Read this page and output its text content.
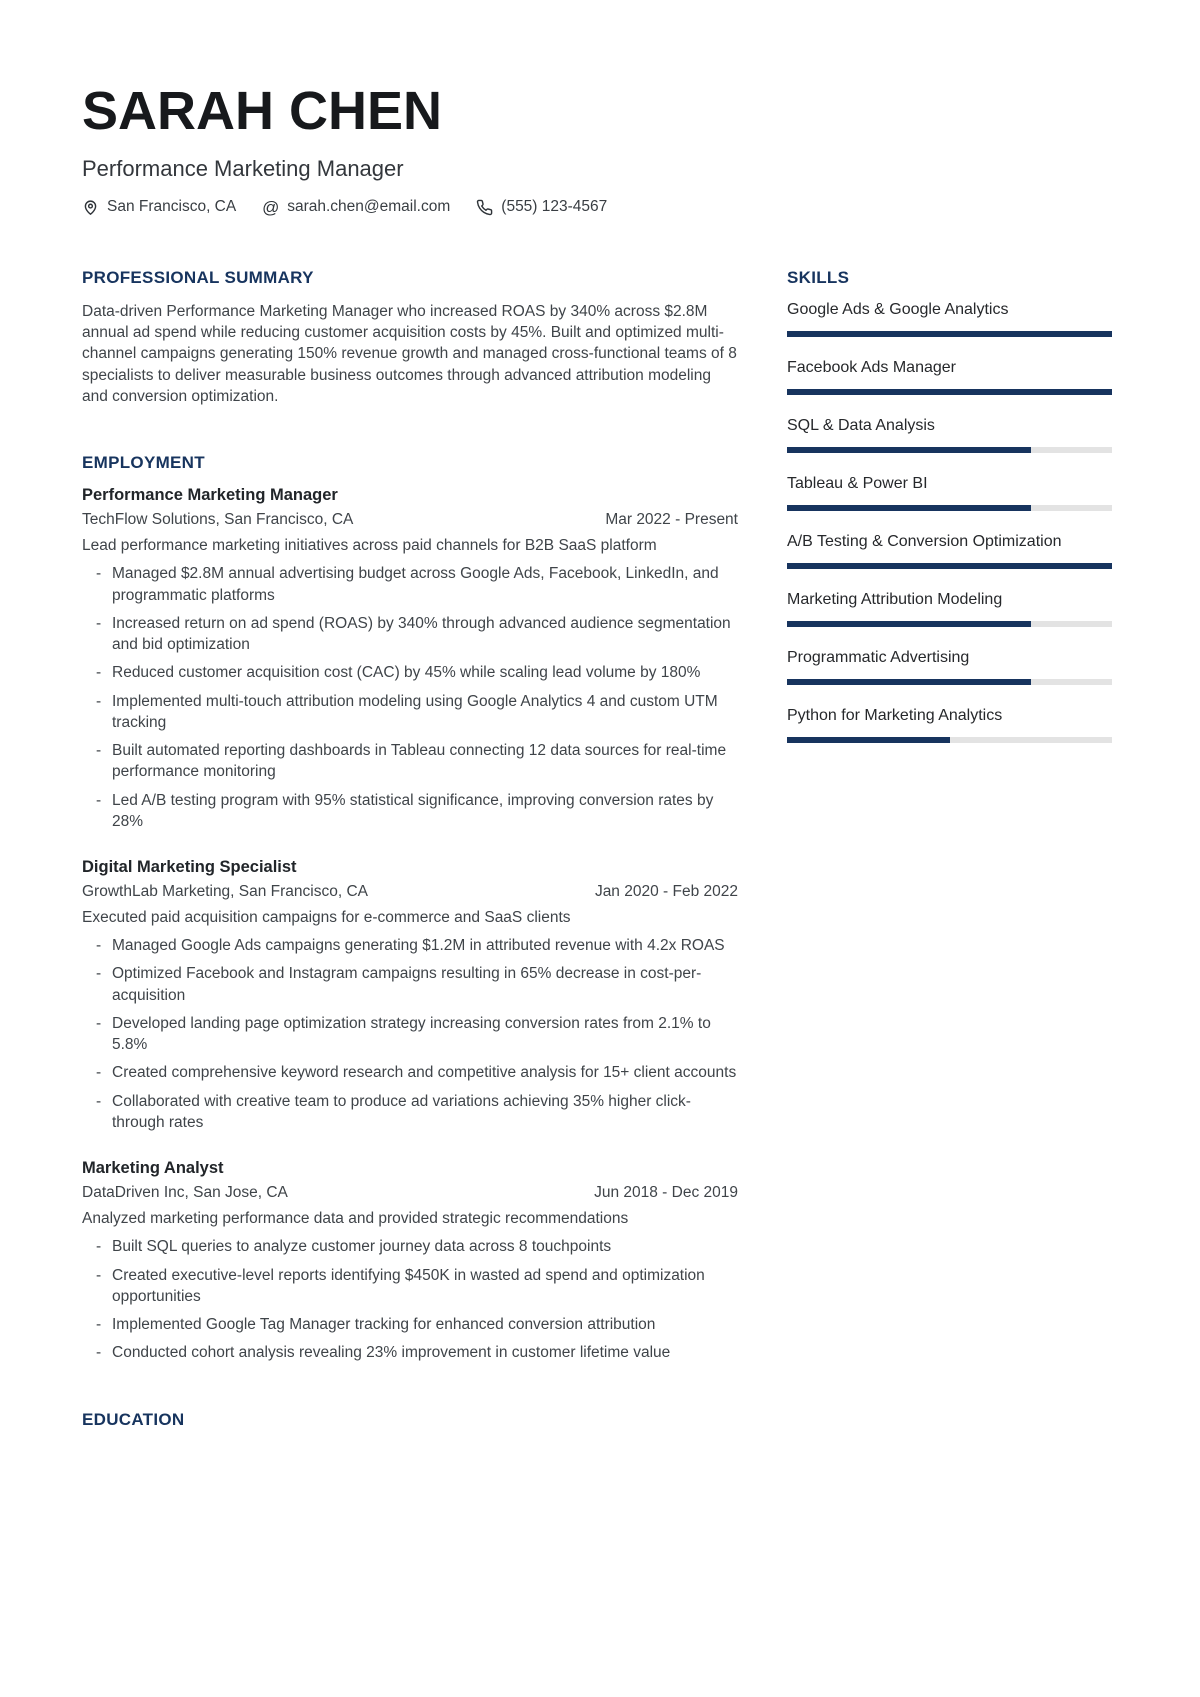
SARAH CHEN
Performance Marketing Manager
San Francisco, CA @ sarah.chen@email.com	(555) 123-4567
PROFESSIONAL SUMMARY

Data-driven Performance Marketing Manager who increased ROAS by 340% across $2.8M annual ad spend while reducing customer acquisition costs by 45%. Built and optimized multi-channel campaigns generating 150% revenue growth and managed cross-functional teams of 8 specialists to deliver measurable business outcomes through advanced attribution modeling and conversion optimization.

EMPLOYMENT
Performance Marketing Manager
TechFlow Solutions, San Francisco, CA	Mar 2022 - Present

Lead performance marketing initiatives across paid channels for B2B SaaS platform

- Managed $2.8M annual advertising budget across Google Ads, Facebook, LinkedIn, and programmatic platforms
- Increased return on ad spend (ROAS) by 340% through advanced audience segmentation and bid optimization
- Reduced customer acquisition cost (CAC) by 45% while scaling lead volume by 180%
- Implemented multi-touch attribution modeling using Google Analytics 4 and custom UTM tracking
- Built automated reporting dashboards in Tableau connecting 12 data sources for real-time performance monitoring
- Led A/B testing program with 95% statistical significance, improving conversion rates by 28%
Digital Marketing Specialist
GrowthLab Marketing, San Francisco, CA	Jan 2020 - Feb 2022

Executed paid acquisition campaigns for e-commerce and SaaS clients

- Managed Google Ads campaigns generating $1.2M in attributed revenue with 4.2x ROAS
- Optimized Facebook and Instagram campaigns resulting in 65% decrease in cost-per-acquisition
- Developed landing page optimization strategy increasing conversion rates from 2.1% to 5.8%
- Created comprehensive keyword research and competitive analysis for 15+ client accounts
- Collaborated with creative team to produce ad variations achieving 35% higher click-through rates
Marketing Analyst
DataDriven Inc, San Jose, CA	Jun 2018 - Dec 2019

Analyzed marketing performance data and provided strategic recommendations

- Built SQL queries to analyze customer journey data across 8 touchpoints
- Created executive-level reports identifying $450K in wasted ad spend and optimization opportunities
- Implemented Google Tag Manager tracking for enhanced conversion attribution
- Conducted cohort analysis revealing 23% improvement in customer lifetime value
EDUCATION
SKILLS
Google Ads & Google Analytics
Facebook Ads Manager
SQL & Data Analysis
Tableau & Power BI
A/B Testing & Conversion Optimization
Marketing Attribution Modeling
Programmatic Advertising
Python for Marketing Analytics
